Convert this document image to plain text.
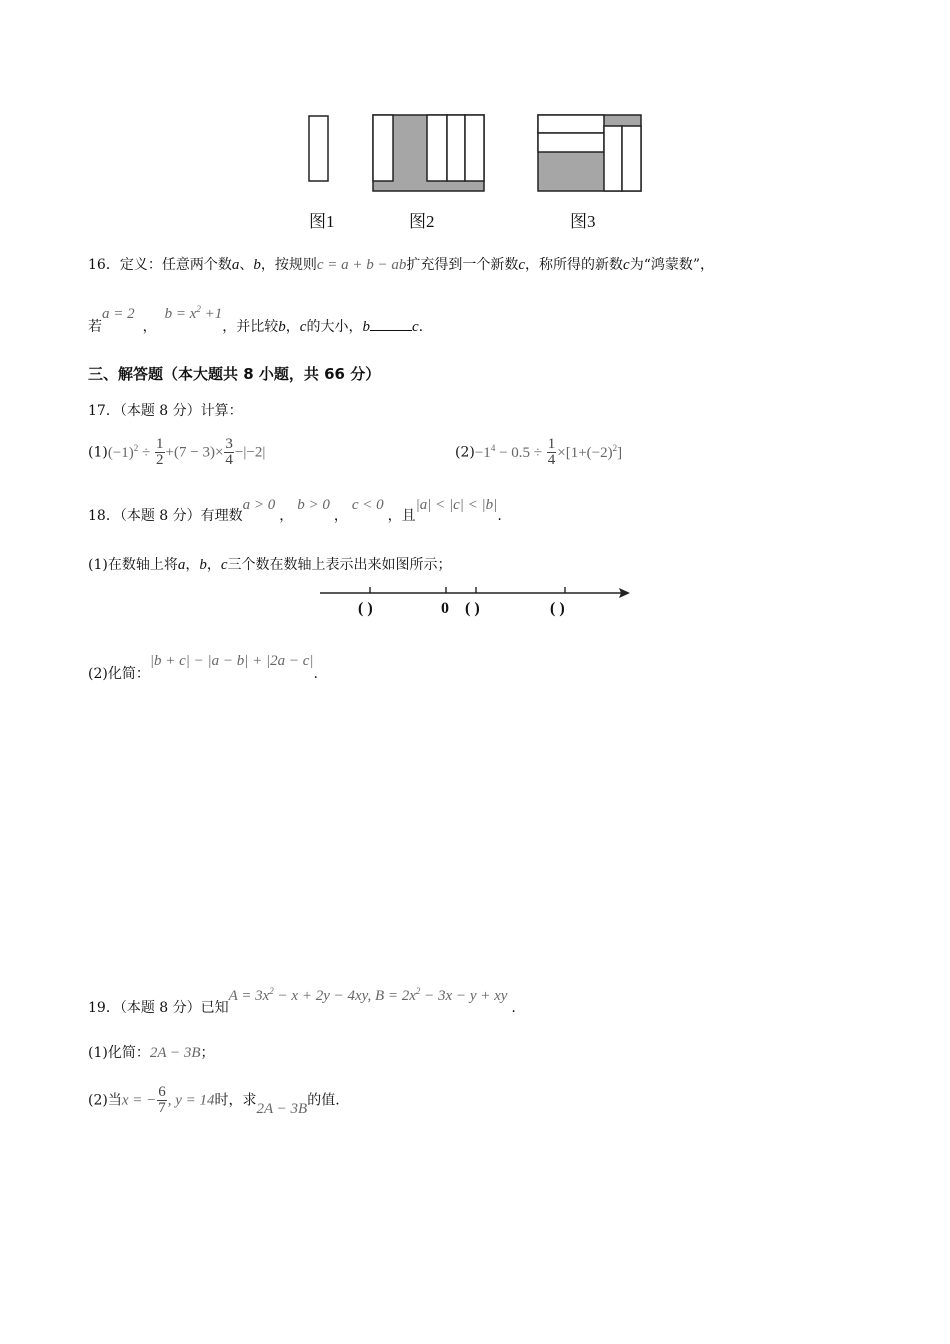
图1	图2	图3
16．定义：任意两个数a、b，按规则c = a + b − ab扩充得到一个新数c，称所得的新数c为“鸿蒙数”，
若a = 2，$b = x^2 +1$，并比较b，c的大小，b	c.
三、解答题（本大题共 8 小题，共 66 分）
17．（本题 8 分）计算：
$(1)(-1)^2 \div \frac{1}{2} +(7 - 3)\times \frac{3}{4} -|-2|$	$(2)-1^4 - 0.5 \div \frac{1}{4} \times[1+(-2)^2]$
18．（本题 8 分）有理数a > 0，b > 0，c < 0，且|a| < |c| < |b|.
(1)在数轴上将a，b，c三个数在数轴上表示出来如图所示；
( )	0 ( )	( )
(2)化简：|b + c| − |a − b| + |2a − c|.
19．（本题 8 分）已知$A = 3x^2 - x + 2y - 4xy$, $B = 2x^2 - 3x - y$ + xy.
(1)化简：2A − 3B；
(2)当x = − $\frac{6}{7}$ , y = 14时，求2A − 3B的值.
